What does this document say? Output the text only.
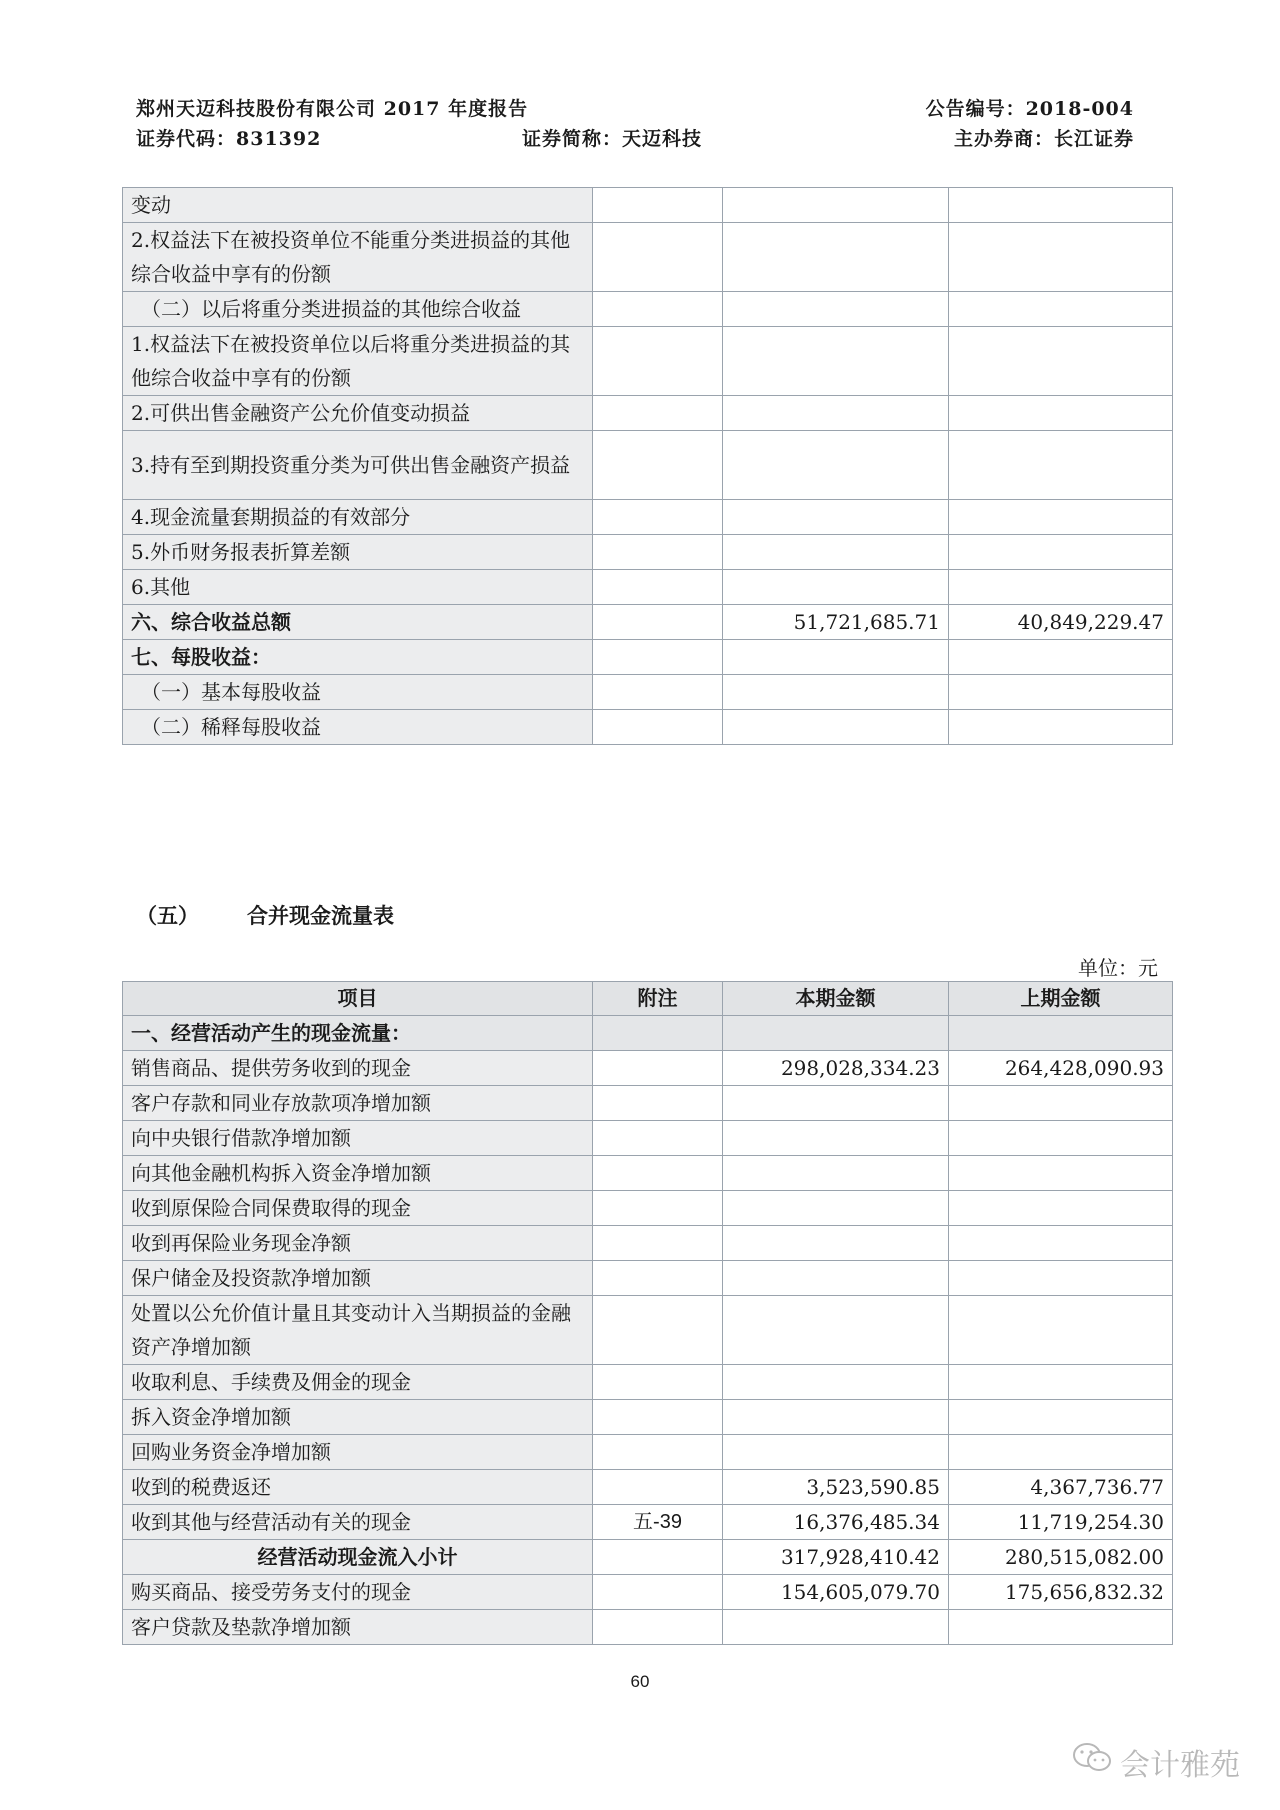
郑州天迈科技股份有限公司 2017 年度报告	公告编号：2018-004
证券代码：831392	证券简称：天迈科技	主办券商：长江证券
变动			
2.权益法下在被投资单位不能重分类进损益的其他综合收益中享有的份额			
（二）以后将重分类进损益的其他综合收益			
1.权益法下在被投资单位以后将重分类进损益的其他综合收益中享有的份额			
2.可供出售金融资产公允价值变动损益			
3.持有至到期投资重分类为可供出售金融资产损益			
4.现金流量套期损益的有效部分			
5.外币财务报表折算差额			
6.其他			
六、综合收益总额		51,721,685.71	40,849,229.47
七、每股收益：			
（一）基本每股收益			
（二）稀释每股收益			
（五） 合并现金流量表
单位：元
项目	附注	本期金额	上期金额
一、经营活动产生的现金流量：			
销售商品、提供劳务收到的现金		298,028,334.23	264,428,090.93
客户存款和同业存放款项净增加额			
向中央银行借款净增加额			
向其他金融机构拆入资金净增加额			
收到原保险合同保费取得的现金			
收到再保险业务现金净额			
保户储金及投资款净增加额			
处置以公允价值计量且其变动计入当期损益的金融资产净增加额			
收取利息、手续费及佣金的现金			
拆入资金净增加额			
回购业务资金净增加额			
收到的税费返还		3,523,590.85	4,367,736.77
收到其他与经营活动有关的现金	五-39	16,376,485.34	11,719,254.30
经营活动现金流入小计		317,928,410.42	280,515,082.00
购买商品、接受劳务支付的现金		154,605,079.70	175,656,832.32
客户贷款及垫款净增加额			
60
会计雅苑
